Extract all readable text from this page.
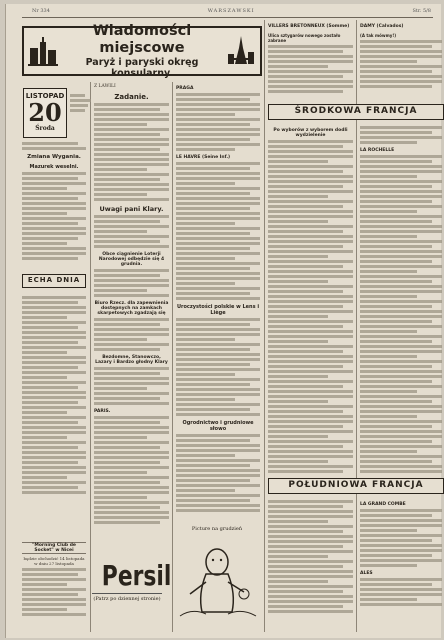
Nr 334	WARSZAWSKI	Str. 5/8
Wiadomości miejscowe
Paryż i paryski okręg konsularny.
LISTOPAD
20
Środa
Zmiana Wygania.
Mazurek weselni.
ECHA DNIA
"Morning Club de Socket" w Nicei
będzie obchodzić 14 listopada w dniu 27 listopada
Z LAWILI
Zadanie.
Uwagi pani Klary.
Obce ciągnienie Loterji Narodowej odbędzie się 4 grudnia.
Biuro Rzecz. dla zapewnienia dostępnych na zamkach skarpetowych zgadzają się
Bezdomne, Stanowczo, Lazary i Bardzo głodny Klary
PARIS.
Persil
(Patrz po dziennej stronie)
PRAGA
LE HAVRE (Seine Inf.)
Uroczystości polskie w Lens i Liège
Ogrodnictwo i grudniowe słowo
Picture na grudzień
VILLERS BRETONNEUX (Somme)
Ulica sztygarów nowego zostało zabrane
ŚRODKOWA FRANCJA
Po wyborów z wyborem dodli wydzielenie
POŁUDNIOWA FRANCJA
DAMY (Calvados)
(A tak mówmy!)
LA ROCHELLE
LA GRAND COMBE
ALES
